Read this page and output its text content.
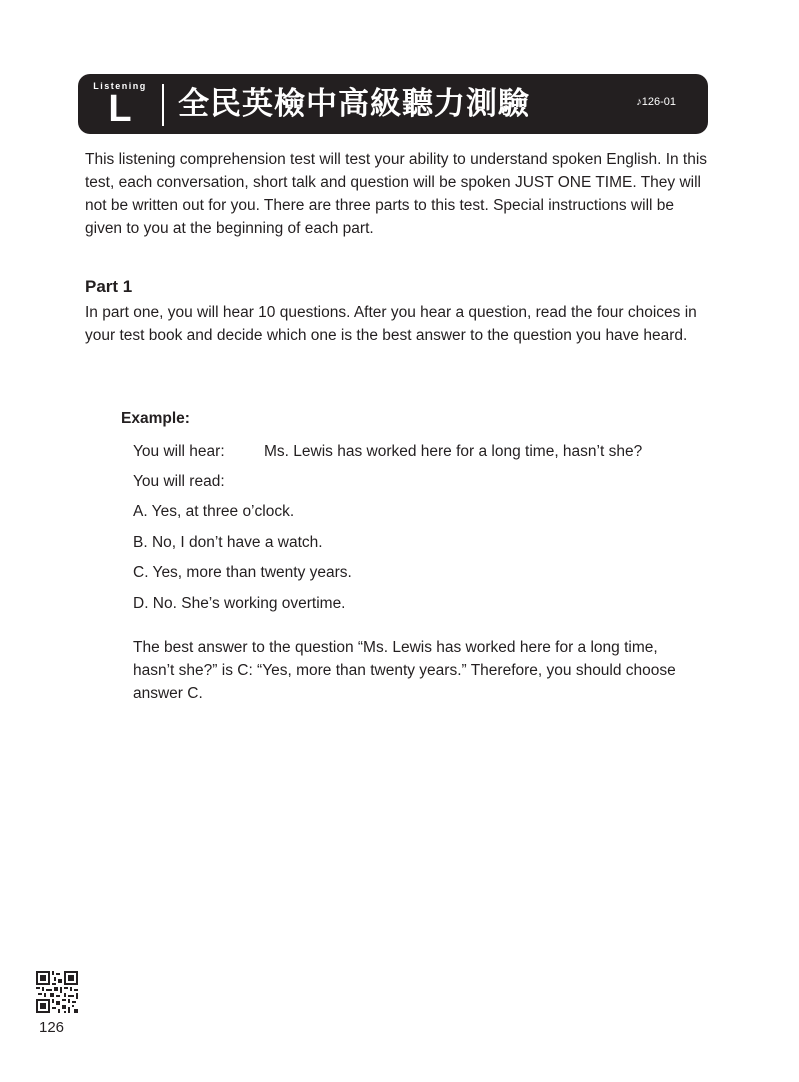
Listening
L 全民英檢中高級聽力測驗	♪126-01

This listening comprehension test will test your ability to understand spoken English. In this test, each conversation, short talk and question will be spoken JUST ONE TIME. They will not be written out for you. There are three parts to this test. Special instructions will be given to you at the beginning of each part.

Part 1

In part one, you will hear 10 questions. After you hear a question, read the four choices in your test book and decide which one is the best answer to the question you have heard.

Example:
You will hear:	Ms. Lewis has worked here for a long time, hasn’t she?
You will read:
A. Yes, at three o’clock.
B. No, I don’t have a watch.
C. Yes, more than twenty years.
D. No. She’s working overtime.

The best answer to the question “Ms. Lewis has worked here for a long time, hasn’t she?” is C: “Yes, more than twenty years.” Therefore, you should choose answer C.

126
